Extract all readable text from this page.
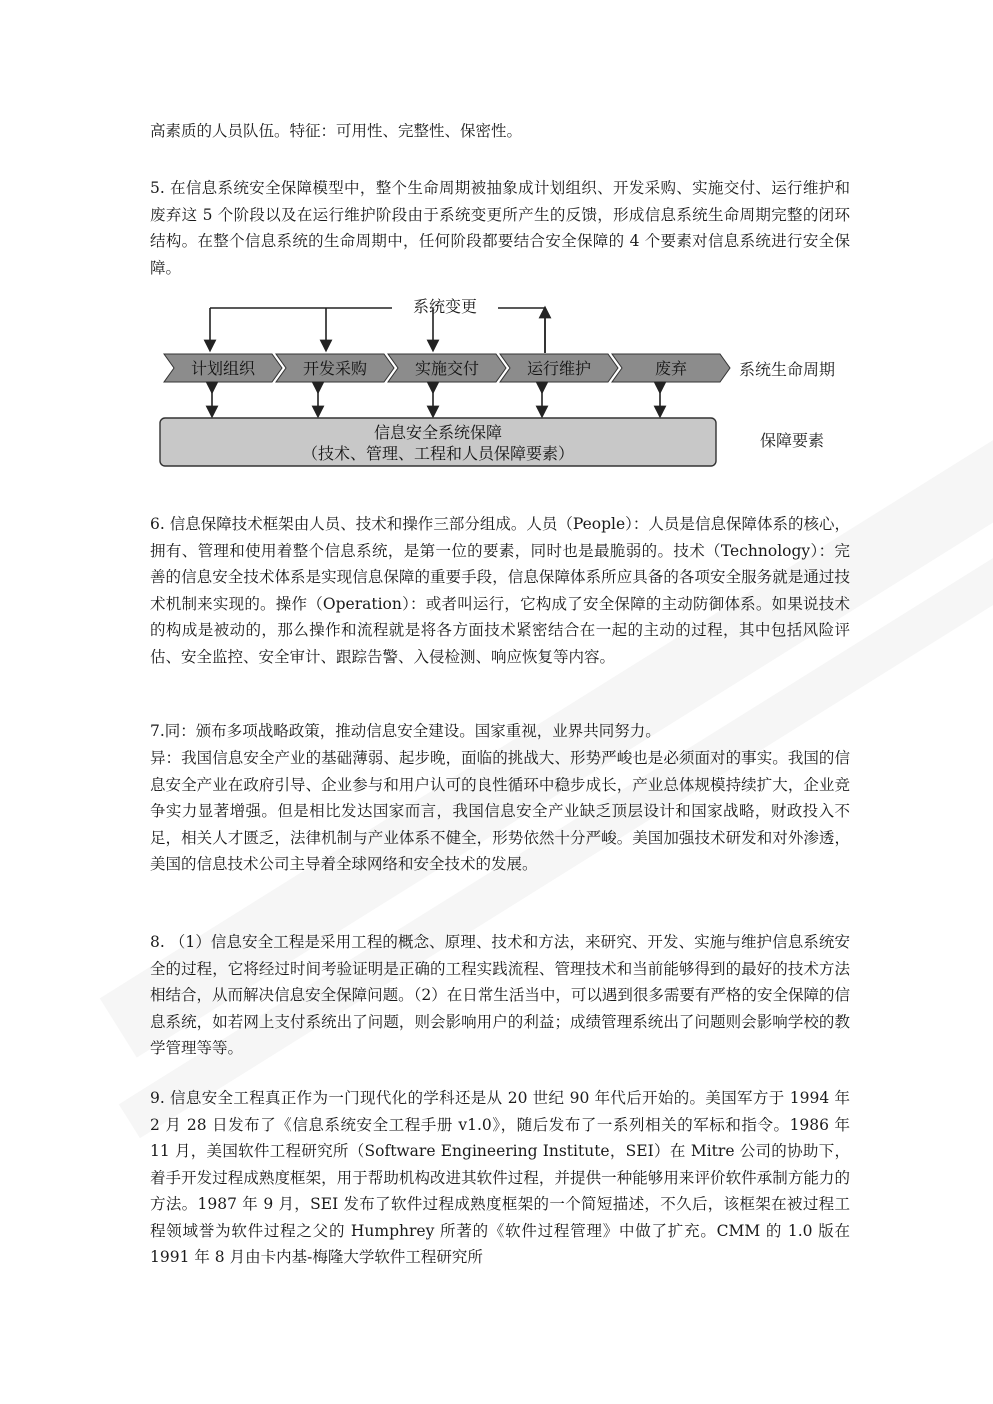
高素质的人员队伍。特征：可用性、完整性、保密性。

5. 在信息系统安全保障模型中，整个生命周期被抽象成计划组织、开发采购、实施交付、运行维护和废弃这 5 个阶段以及在运行维护阶段由于系统变更所产生的反馈，形成信息系统生命周期完整的闭环结构。在整个信息系统的生命周期中，任何阶段都要结合安全保障的 4 个要素对信息系统进行安全保障。

系统变更
计划组织	开发采购	实施交付	运行维护	废弃	系统生命周期
信息安全系统保障
（技术、管理、工程和人员保障要素）
保障要素

6. 信息保障技术框架由人员、技术和操作三部分组成。人员（People）：人员是信息保障体系的核心，拥有、管理和使用着整个信息系统，是第一位的要素，同时也是最脆弱的。技术（Technology）：完善的信息安全技术体系是实现信息保障的重要手段，信息保障体系所应具备的各项安全服务就是通过技术机制来实现的。操作（Operation）：或者叫运行，它构成了安全保障的主动防御体系。如果说技术的构成是被动的，那么操作和流程就是将各方面技术紧密结合在一起的主动的过程，其中包括风险评估、安全监控、安全审计、跟踪告警、入侵检测、响应恢复等内容。

7.同：颁布多项战略政策，推动信息安全建设。国家重视，业界共同努力。

异：我国信息安全产业的基础薄弱、起步晚，面临的挑战大、形势严峻也是必须面对的事实。我国的信息安全产业在政府引导、企业参与和用户认可的良性循环中稳步成长，产业总体规模持续扩大，企业竞争实力显著增强。但是相比发达国家而言，我国信息安全产业缺乏顶层设计和国家战略，财政投入不足，相关人才匮乏，法律机制与产业体系不健全，形势依然十分严峻。美国加强技术研发和对外渗透，美国的信息技术公司主导着全球网络和安全技术的发展。

8. （1）信息安全工程是采用工程的概念、原理、技术和方法，来研究、开发、实施与维护信息系统安全的过程，它将经过时间考验证明是正确的工程实践流程、管理技术和当前能够得到的最好的技术方法相结合，从而解决信息安全保障问题。（2）在日常生活当中，可以遇到很多需要有严格的安全保障的信息系统，如若网上支付系统出了问题，则会影响用户的利益；成绩管理系统出了问题则会影响学校的教学管理等等。

9. 信息安全工程真正作为一门现代化的学科还是从 20 世纪 90 年代后开始的。美国军方于 1994 年 2 月 28 日发布了《信息系统安全工程手册 v1.0》，随后发布了一系列相关的军标和指令。1986 年 11 月，美国软件工程研究所（Software Engineering Institute，SEI）在 Mitre 公司的协助下，着手开发过程成熟度框架，用于帮助机构改进其软件过程，并提供一种能够用来评价软件承制方能力的方法。1987 年 9 月，SEI 发布了软件过程成熟度框架的一个简短描述，不久后，该框架在被过程工程领域誉为软件过程之父的 Humphrey 所著的《软件过程管理》中做了扩充。CMM 的 1.0 版在 1991 年 8 月由卡内基-梅隆大学软件工程研究所
